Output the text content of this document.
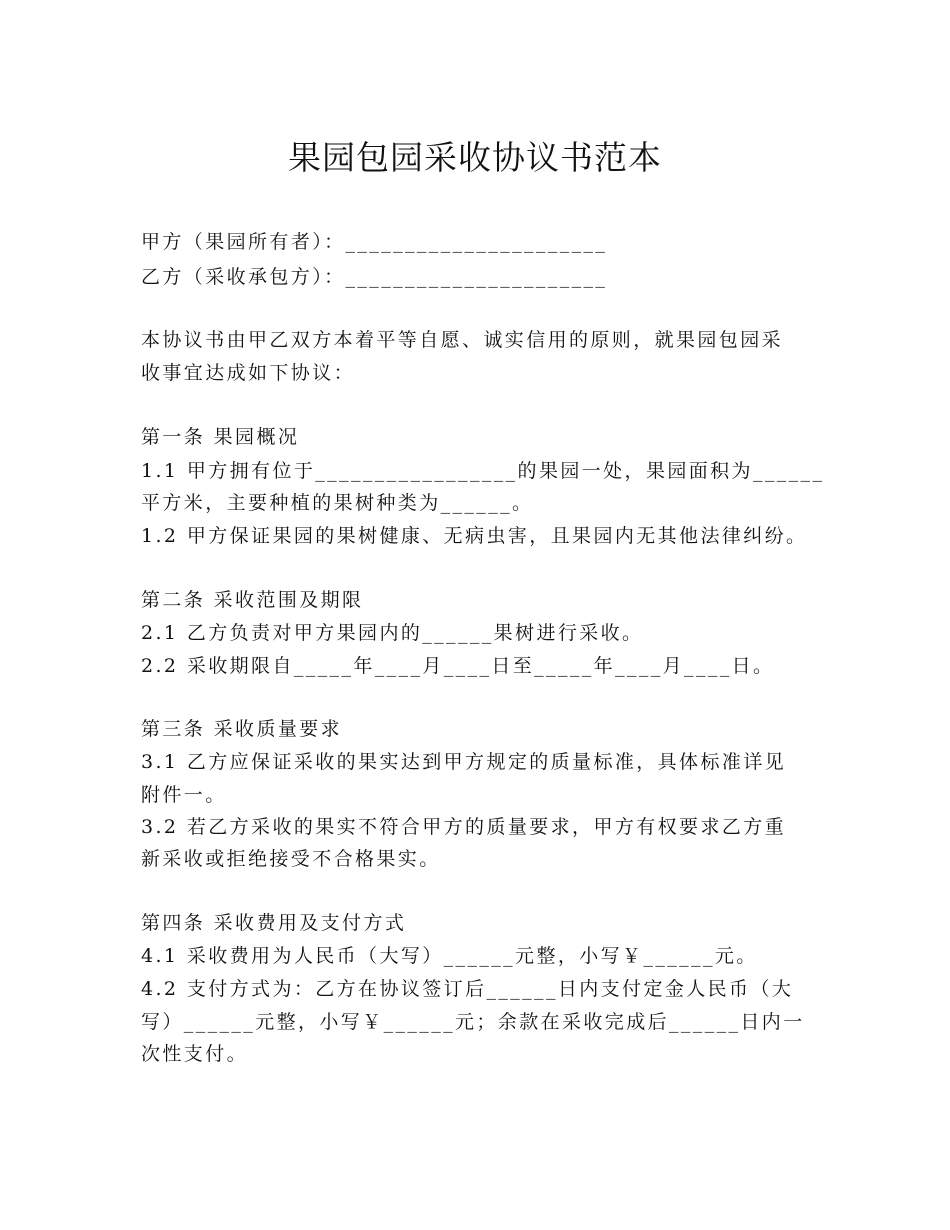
果园包园采收协议书范本
甲方（果园所有者）：______________________
乙方（采收承包方）：______________________
本协议书由甲乙双方本着平等自愿、诚实信用的原则，就果园包园采
收事宜达成如下协议：
第一条 果园概况
1.1 甲方拥有位于_________________的果园一处，果园面积为______
平方米，主要种植的果树种类为______。
1.2 甲方保证果园的果树健康、无病虫害，且果园内无其他法律纠纷。
第二条 采收范围及期限
2.1 乙方负责对甲方果园内的______果树进行采收。
2.2 采收期限自_____年____月____日至_____年____月____日。
第三条 采收质量要求
3.1 乙方应保证采收的果实达到甲方规定的质量标准，具体标准详见
附件一。
3.2 若乙方采收的果实不符合甲方的质量要求，甲方有权要求乙方重
新采收或拒绝接受不合格果实。
第四条 采收费用及支付方式
4.1 采收费用为人民币（大写）______元整，小写￥______元。
4.2 支付方式为：乙方在协议签订后______日内支付定金人民币（大
写）______元整，小写￥______元；余款在采收完成后______日内一
次性支付。
